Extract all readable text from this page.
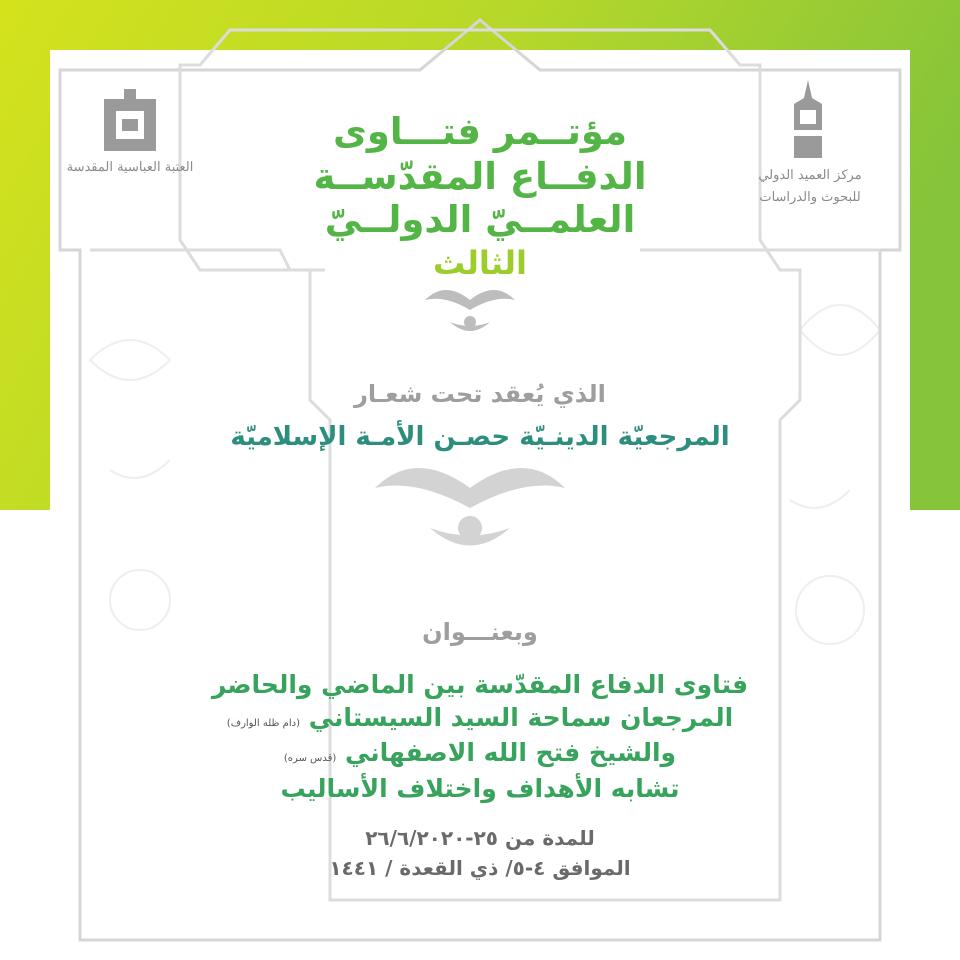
العتبة العباسية المقدسة
مركز العميد الدولي
للبحوث والدراسات
مؤتــمر فتـــاوى
الدفــاع المقدّســة
العلمــيّ الدولــيّ
الثالث
الذي يُعقد تحت شعـار
المرجعيّة الدينـيّة حصـن الأمـة الإسلاميّة
وبعنـــوان
فتاوى الدفاع المقدّسة بين الماضي والحاضر
المرجعان سماحة السيد السيستاني (دام ظله الوارف)
والشيخ فتح الله الاصفهاني (قدس سره)
تشابه الأهداف واختلاف الأساليب
للمدة من ٢٥-٢٦/٦/٢٠٢٠
الموافق ٤-٥/ ذي القعدة / ١٤٤١
